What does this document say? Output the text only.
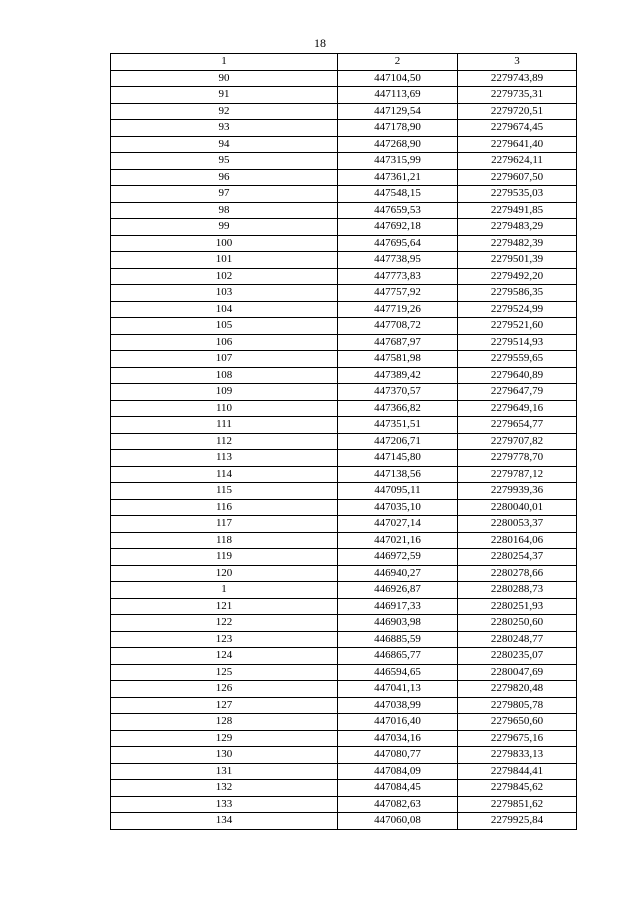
18
1	2	3
90	447104,50	2279743,89
91	447113,69	2279735,31
92	447129,54	2279720,51
93	447178,90	2279674,45
94	447268,90	2279641,40
95	447315,99	2279624,11
96	447361,21	2279607,50
97	447548,15	2279535,03
98	447659,53	2279491,85
99	447692,18	2279483,29
100	447695,64	2279482,39
101	447738,95	2279501,39
102	447773,83	2279492,20
103	447757,92	2279586,35
104	447719,26	2279524,99
105	447708,72	2279521,60
106	447687,97	2279514,93
107	447581,98	2279559,65
108	447389,42	2279640,89
109	447370,57	2279647,79
110	447366,82	2279649,16
111	447351,51	2279654,77
112	447206,71	2279707,82
113	447145,80	2279778,70
114	447138,56	2279787,12
115	447095,11	2279939,36
116	447035,10	2280040,01
117	447027,14	2280053,37
118	447021,16	2280164,06
119	446972,59	2280254,37
120	446940,27	2280278,66
1	446926,87	2280288,73
121	446917,33	2280251,93
122	446903,98	2280250,60
123	446885,59	2280248,77
124	446865,77	2280235,07
125	446594,65	2280047,69
126	447041,13	2279820,48
127	447038,99	2279805,78
128	447016,40	2279650,60
129	447034,16	2279675,16
130	447080,77	2279833,13
131	447084,09	2279844,41
132	447084,45	2279845,62
133	447082,63	2279851,62
134	447060,08	2279925,84
